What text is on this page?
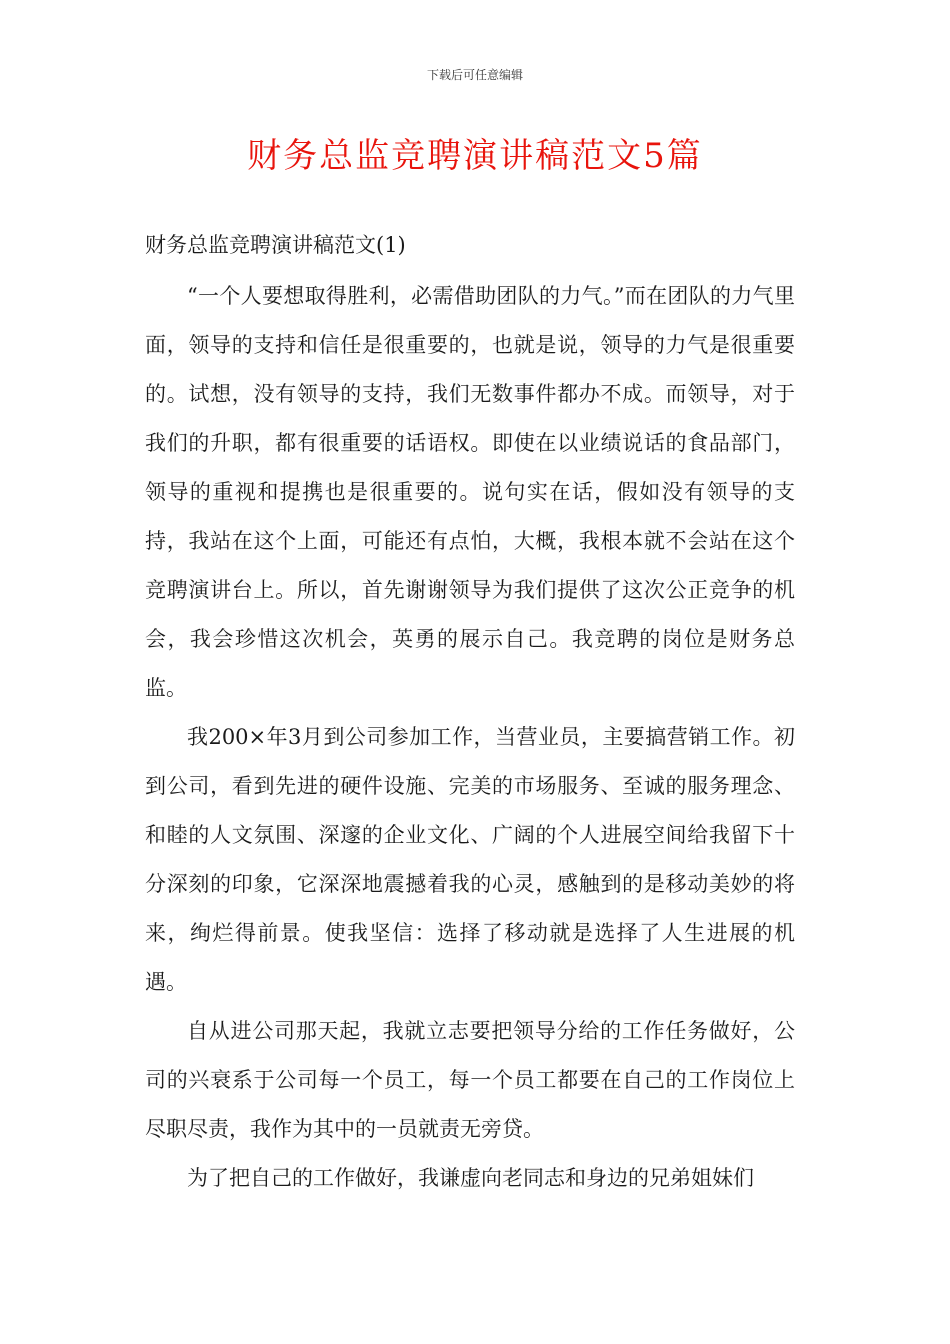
下载后可任意编辑
财务总监竞聘演讲稿范文5篇
财务总监竞聘演讲稿范文(1)

“一个人要想取得胜利，必需借助团队的力气。”而在团队的力气里面，领导的支持和信任是很重要的，也就是说，领导的力气是很重要的。试想，没有领导的支持，我们无数事件都办不成。而领导，对于我们的升职，都有很重要的话语权。即使在以业绩说话的食品部门，领导的重视和提携也是很重要的。说句实在话，假如没有领导的支持，我站在这个上面，可能还有点怕，大概，我根本就不会站在这个竞聘演讲台上。所以，首先谢谢领导为我们提供了这次公正竞争的机会，我会珍惜这次机会，英勇的展示自己。我竞聘的岗位是财务总监。

我200×年3月到公司参加工作，当营业员，主要搞营销工作。初到公司，看到先进的硬件设施、完美的市场服务、至诚的服务理念、和睦的人文氛围、深邃的企业文化、广阔的个人进展空间给我留下十分深刻的印象，它深深地震撼着我的心灵，感触到的是移动美妙的将来，绚烂得前景。使我坚信：选择了移动就是选择了人生进展的机遇。

自从进公司那天起，我就立志要把领导分给的工作任务做好，公司的兴衰系于公司每一个员工，每一个员工都要在自己的工作岗位上尽职尽责，我作为其中的一员就责无旁贷。

为了把自己的工作做好，我谦虚向老同志和身边的兄弟姐妹们
